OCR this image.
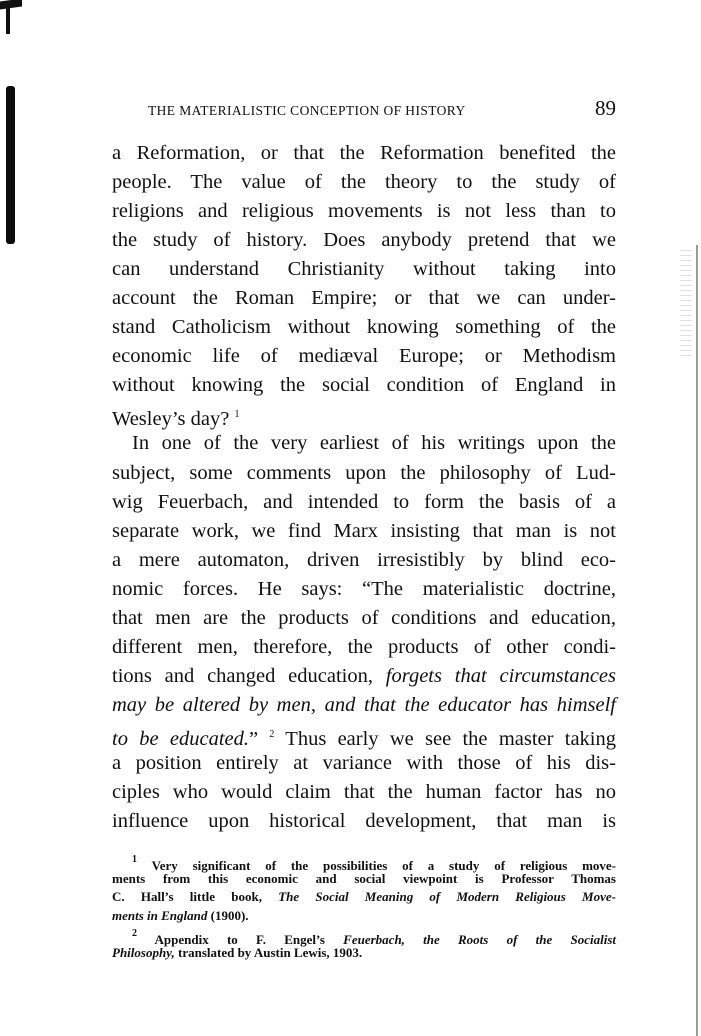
THE MATERIALISTIC CONCEPTION OF HISTORY	89
a Reformation, or that the Reformation benefited the
people. The value of the theory to the study of
religions and religious movements is not less than to
the study of history. Does anybody pretend that we
can understand Christianity without taking into
account the Roman Empire; or that we can under-
stand Catholicism without knowing something of the
economic life of mediæval Europe; or Methodism
without knowing the social condition of England in
Wesley’s day? $^1$
In one of the very earliest of his writings upon the
subject, some comments upon the philosophy of Lud-
wig Feuerbach, and intended to form the basis of a
separate work, we find Marx insisting that man is not
a mere automaton, driven irresistibly by blind eco-
nomic forces. He says: “The materialistic doctrine,
that men are the products of conditions and education,
different men, therefore, the products of other condi-
tions and changed education, forgets that circumstances
may be altered by men, and that the educator has himself
to be educated.” $^2$ Thus early we see the master taking
a position entirely at variance with those of his dis-
ciples who would claim that the human factor has no
influence upon historical development, that man is
$^1$ Very significant of the possibilities of a study of religious move-
ments from this economic and social viewpoint is Professor Thomas
C. Hall’s little book, The Social Meaning of Modern Religious Move-
ments in England (1900).
$^2$ Appendix to F. Engel’s Feuerbach, the Roots of the Socialist
Philosophy, translated by Austin Lewis, 1903.
